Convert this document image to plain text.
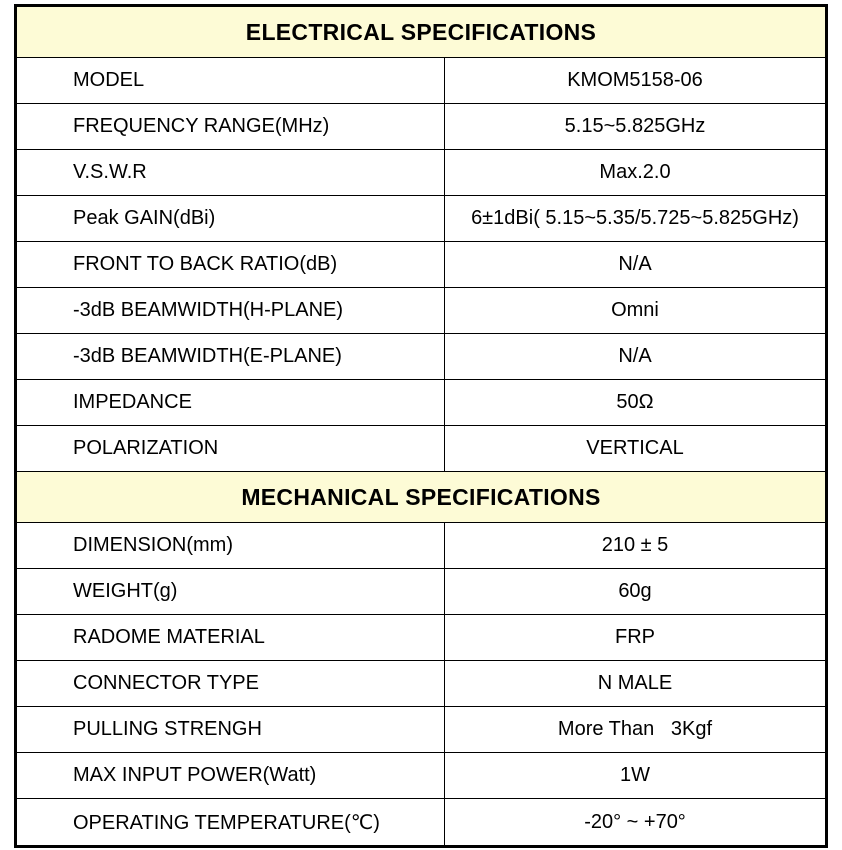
ELECTRICAL SPECIFICATIONS
MODEL	KMOM5158-06
FREQUENCY RANGE(MHz)	5.15~5.825GHz
V.S.W.R	Max.2.0
Peak GAIN(dBi)	6±1dBi( 5.15~5.35/5.725~5.825GHz)
FRONT TO BACK RATIO(dB)	N/A
-3dB BEAMWIDTH(H-PLANE)	Omni
-3dB BEAMWIDTH(E-PLANE)	N/A
IMPEDANCE	50Ω
POLARIZATION	VERTICAL
MECHANICAL SPECIFICATIONS
DIMENSION(mm)	210 ± 5
WEIGHT(g)	60g
RADOME MATERIAL	FRP
CONNECTOR TYPE	N MALE
PULLING STRENGH	More Than   3Kgf
MAX INPUT POWER(Watt)	1W
OPERATING TEMPERATURE(℃)	-20° ~ +70°
